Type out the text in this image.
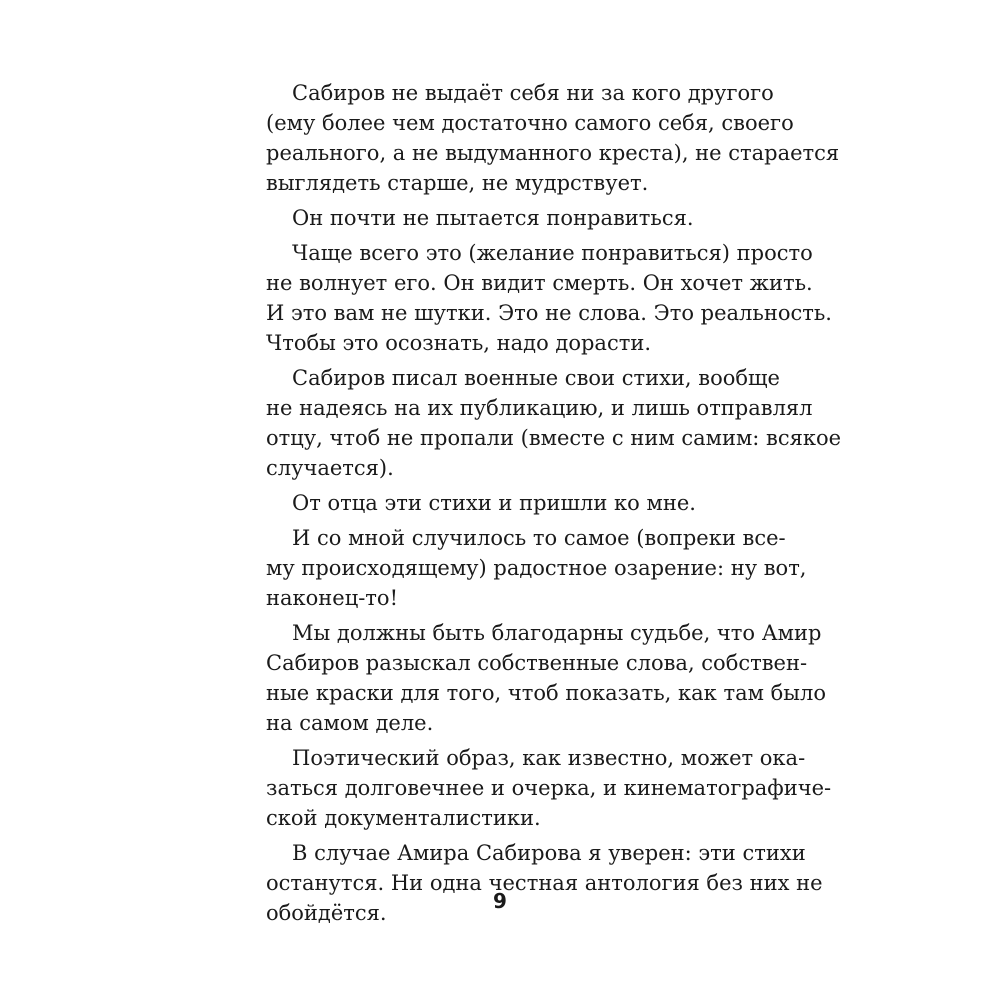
Сабиров не выдаёт себя ни за кого другого
(ему более чем достаточно самого себя, своего
реального, а не выдуманного креста), не старается
выглядеть старше, не мудрствует.
Он почти не пытается понравиться.
Чаще всего это (желание понравиться) просто
не волнует его. Он видит смерть. Он хочет жить.
И это вам не шутки. Это не слова. Это реальность.
Чтобы это осознать, надо дорасти.
Сабиров писал военные свои стихи, вообще
не надеясь на их публикацию, и лишь отправлял
отцу, чтоб не пропали (вместе с ним самим: всякое
случается).
От отца эти стихи и пришли ко мне.
И со мной случилось то самое (вопреки все-
му происходящему) радостное озарение: ну вот,
наконец-то!
Мы должны быть благодарны судьбе, что Амир
Сабиров разыскал собственные слова, собствен-
ные краски для того, чтоб показать, как там было
на самом деле.
Поэтический образ, как известно, может ока-
заться долговечнее и очерка, и кинематографиче-
ской документалистики.
В случае Амира Сабирова я уверен: эти стихи
останутся. Ни одна честная антология без них не
обойдётся.	9
